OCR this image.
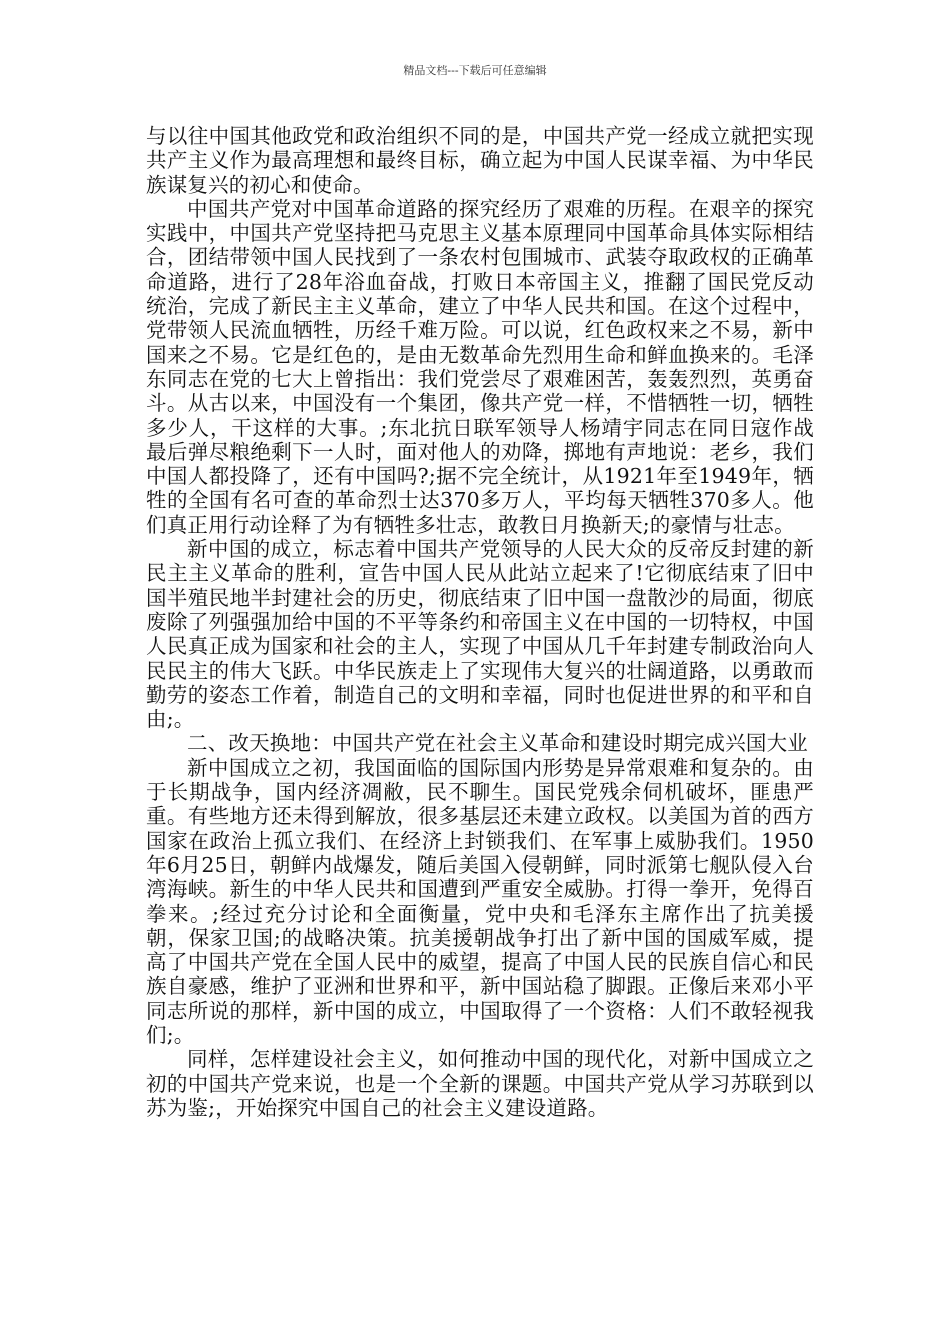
精品文档---下载后可任意编辑

与以往中国其他政党和政治组织不同的是，中国共产党一经成立就把实现共产主义作为最高理想和最终目标，确立起为中国人民谋幸福、为中华民族谋复兴的初心和使命。

中国共产党对中国革命道路的探究经历了艰难的历程。在艰辛的探究实践中，中国共产党坚持把马克思主义基本原理同中国革命具体实际相结合，团结带领中国人民找到了一条农村包围城市、武装夺取政权的正确革命道路，进行了28年浴血奋战，打败日本帝国主义，推翻了国民党反动统治，完成了新民主主义革命，建立了中华人民共和国。在这个过程中，党带领人民流血牺牲，历经千难万险。可以说，红色政权来之不易，新中国来之不易。它是红色的，是由无数革命先烈用生命和鲜血换来的。毛泽东同志在党的七大上曾指出：我们党尝尽了艰难困苦，轰轰烈烈，英勇奋斗。从古以来，中国没有一个集团，像共产党一样，不惜牺牲一切，牺牲多少人，干这样的大事。;东北抗日联军领导人杨靖宇同志在同日寇作战最后弹尽粮绝剩下一人时，面对他人的劝降，掷地有声地说：老乡，我们中国人都投降了，还有中国吗?;据不完全统计，从1921年至1949年，牺牲的全国有名可查的革命烈士达370多万人，平均每天牺牲370多人。他们真正用行动诠释了为有牺牲多壮志，敢教日月换新天;的豪情与壮志。

新中国的成立，标志着中国共产党领导的人民大众的反帝反封建的新民主主义革命的胜利，宣告中国人民从此站立起来了!它彻底结束了旧中国半殖民地半封建社会的历史，彻底结束了旧中国一盘散沙的局面，彻底废除了列强强加给中国的不平等条约和帝国主义在中国的一切特权，中国人民真正成为国家和社会的主人，实现了中国从几千年封建专制政治向人民民主的伟大飞跃。中华民族走上了实现伟大复兴的壮阔道路，以勇敢而勤劳的姿态工作着，制造自己的文明和幸福，同时也促进世界的和平和自由;。

二、改天换地：中国共产党在社会主义革命和建设时期完成兴国大业

新中国成立之初，我国面临的国际国内形势是异常艰难和复杂的。由于长期战争，国内经济凋敝，民不聊生。国民党残余伺机破坏，匪患严重。有些地方还未得到解放，很多基层还未建立政权。以美国为首的西方国家在政治上孤立我们、在经济上封锁我们、在军事上威胁我们。1950年6月25日，朝鲜内战爆发，随后美国入侵朝鲜，同时派第七舰队侵入台湾海峡。新生的中华人民共和国遭到严重安全威胁。打得一拳开，免得百拳来。;经过充分讨论和全面衡量，党中央和毛泽东主席作出了抗美援朝，保家卫国;的战略决策。抗美援朝战争打出了新中国的国威军威，提高了中国共产党在全国人民中的威望，提高了中国人民的民族自信心和民族自豪感，维护了亚洲和世界和平，新中国站稳了脚跟。正像后来邓小平同志所说的那样，新中国的成立，中国取得了一个资格：人们不敢轻视我们;。

同样，怎样建设社会主义，如何推动中国的现代化，对新中国成立之初的中国共产党来说，也是一个全新的课题。中国共产党从学习苏联到以苏为鉴;，开始探究中国自己的社会主义建设道路。
